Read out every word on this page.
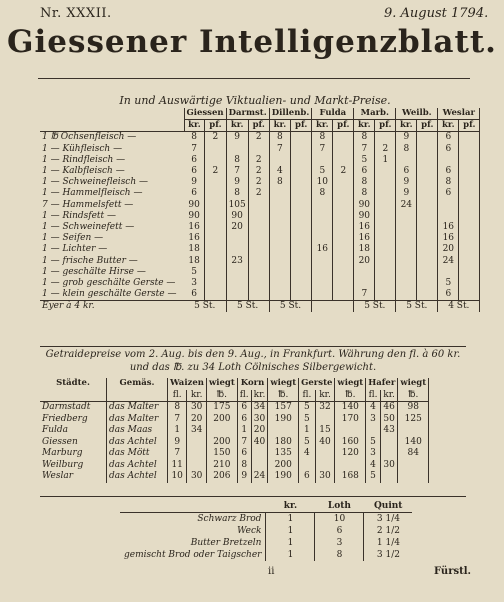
Nr. XXXII.	9. August 1794.
Giessener Intelligenzblatt.
In und Auswärtige Viktualien- und Markt-Preise.
	Giessen		Darmst.		Dillenb.		Fulda		Marb.		Weilb.		Weslar	
	kr.	pf.	kr.	pf.	kr.	pf.	kr.	pf.	kr.	pf.	kr.	pf.	kr.	pf.
1 ℔ Ochsenfleisch —	8	2	9	2	8		8		8		9		6	
1 — Kühfleisch —	7				7		7		7	2	8		6	
1 — Rindfleisch —	6		8	2					5	1				
1 — Kalbfleisch —	6	2	7	2	4		5	2	6		6		6	
1 — Schweinefleisch —	9		9	2	8		10		8		9		8	
1 — Hammelfleisch —	6		8	2			8		8		9		6	
7 — Hammelsfett —	90		105						90		24			
1 — Rindsfett —	90		90						90					
1 — Schweinefett —	16		20						16				16	
1 — Seifen —	16								16				16	
1 — Lichter —	18						16		18				20	
1 — frische Butter —	18		23						20				24	
1 — geschälte Hirse —	5													
1 — grob geschälte Gerste —	3												5	
1 — klein geschälte Gerste —	6								7				6	
Eyer à 4 kr.	5 St.		5 St.		5 St.				5 St.		5 St.		4 St.	
Getraidepreise vom 2. Aug. bis den 9. Aug., in Frankfurt. Währung den fl. à 60 kr. und das ℔. zu 34 Loth Cölnisches Silbergewicht.
Städte.	Gemäs.	Waizen		wiegt	Korn		wiegt	Gerste		wiegt	Hafer		wiegt
		fl.	kr.	℔.	fl.	kr.	℔.	fl.	kr.	℔.	fl.	kr.	℔.
Darmstadt	das Malter	8	30	175	6	34	157	5	32	140	4	46	98
Friedberg	das Malter	7	20	200	6	30	190	5		170	3	50	125
Fulda	das Maas	1	34		1	20		1	15			43	
Giessen	das Achtel	9		200	7	40	180	5	40	160	5		140
Marburg	das Mött	7		150	6		135	4		120	3		84
Weilburg	das Achtel	11		210	8		200				4	30	
Weslar	das Achtel	10	30	206	9	24	190	6	30	168	5		
	kr.	Loth	Quint
Schwarz Brod	1	10	3 1/4
Weck	1	6	2 1/2
Butter Bretzeln	1	3	1 1/4
gemischt Brod oder Taigscher	1	8	3 1/2
ii	Fürstl.
